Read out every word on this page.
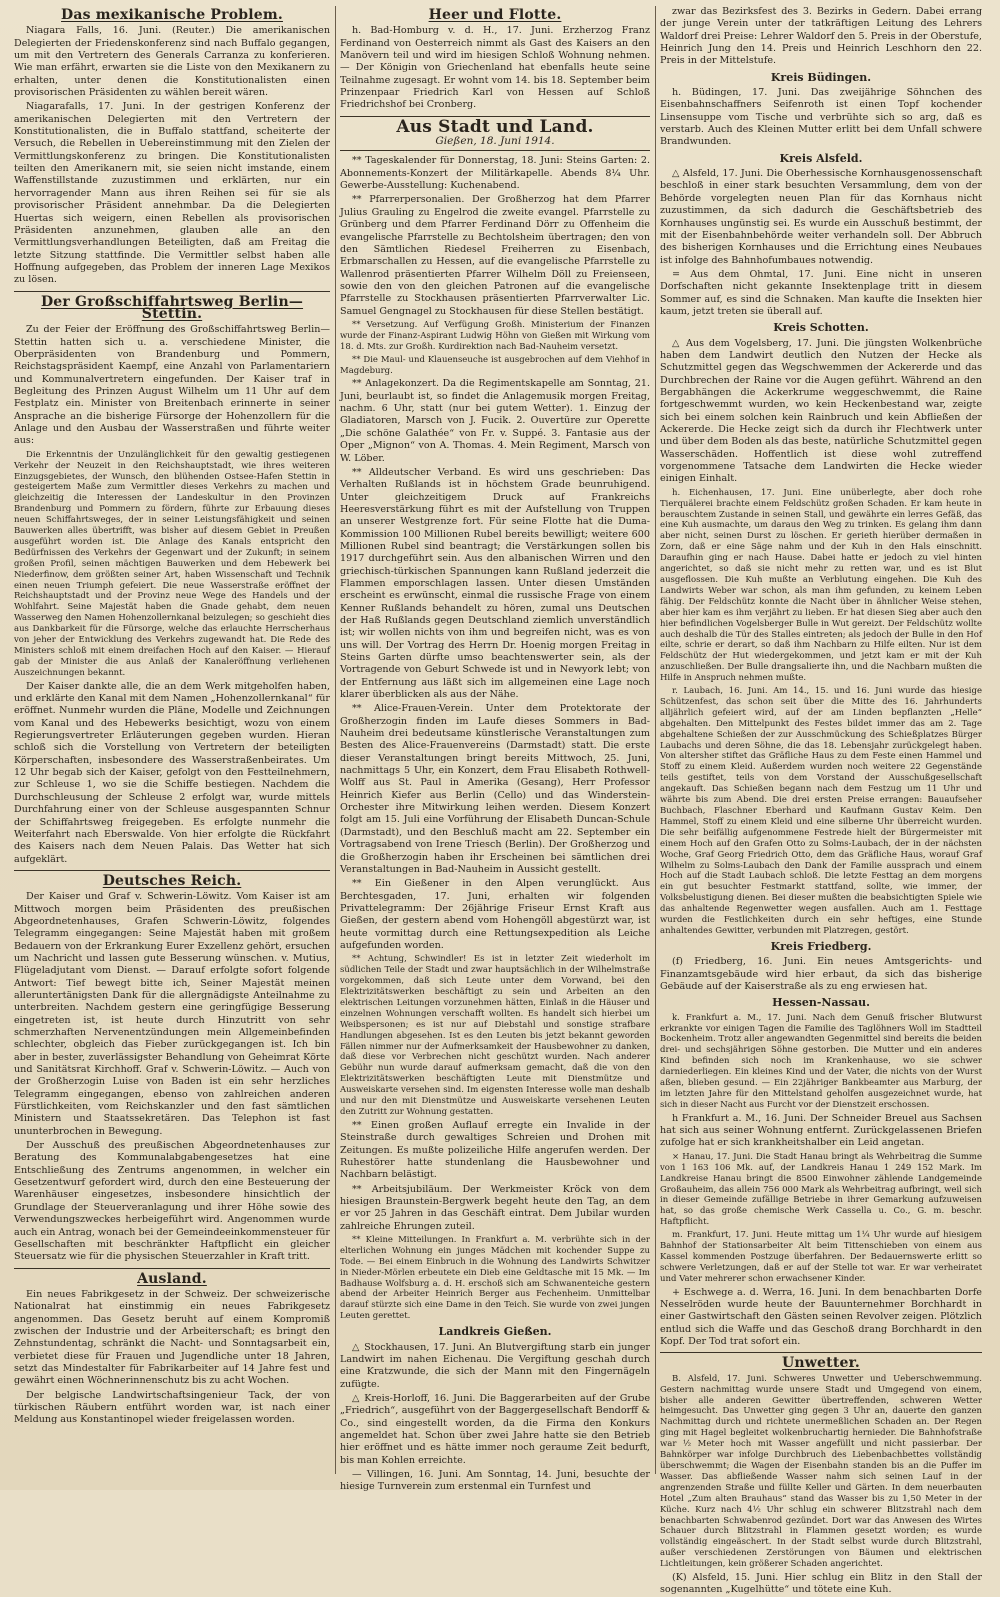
Das mexikanische Problem.

Niagara Falls, 16. Juni. (Reuter.) Die amerikanischen Delegierten der Friedenskonferenz sind nach Buffalo gegangen, um mit den Vertretern des Generals Carranza zu konferieren. Wie man erfährt, erwarten sie die Liste von den Mexikanern zu erhalten, unter denen die Konstitutionalisten einen provisorischen Präsidenten zu wählen bereit wären.

Niagarafalls, 17. Juni. In der gestrigen Konferenz der amerikanischen Delegierten mit den Vertretern der Konstitutionalisten, die in Buffalo stattfand, scheiterte der Versuch, die Rebellen in Uebereinstimmung mit den Zielen der Vermittlungskonferenz zu bringen. Die Konstitutionalisten teilten den Amerikanern mit, sie seien nicht imstande, einem Waffenstillstande zuzustimmen und erklärten, nur ein hervorragender Mann aus ihren Reihen sei für sie als provisorischer Präsident annehmbar. Da die Delegierten Huertas sich weigern, einen Rebellen als provisorischen Präsidenten anzunehmen, glauben alle an den Vermittlungsverhandlungen Beteiligten, daß am Freitag die letzte Sitzung stattfinde. Die Vermittler selbst haben alle Hoffnung aufgegeben, das Problem der inneren Lage Mexikos zu lösen.

Der Großschiffahrtsweg Berlin—Stettin.

Zu der Feier der Eröffnung des Großschiffahrtsweg Berlin—Stettin hatten sich u. a. verschiedene Minister, die Oberpräsidenten von Brandenburg und Pommern, Reichstagspräsident Kaempf, eine Anzahl von Parlamentariern und Kommunalvertretern eingefunden. Der Kaiser traf in Begleitung des Prinzen August Wilhelm um 11 Uhr auf dem Festplatz ein. Minister von Breitenbach erinnerte in seiner Ansprache an die bisherige Fürsorge der Hohenzollern für die Anlage und den Ausbau der Wasserstraßen und führte weiter aus:

Die Erkenntnis der Unzulänglichkeit für den gewaltig gestiegenen Verkehr der Neuzeit in den Reichshauptstadt, wie ihres weiteren Einzugsgebietes, der Wunsch, den blühenden Ostsee-Hafen Stettin in gesteigertem Maße zum Vermittler dieses Verkehrs zu machen und gleichzeitig die Interessen der Landeskultur in den Provinzen Brandenburg und Pommern zu fördern, führte zur Erbauung dieses neuen Schiffahrtsweges, der in seiner Leistungsfähigkeit und seinen Bauwerken alles übertrifft, was bisher auf diesem Gebiet in Preußen ausgeführt worden ist. Die Anlage des Kanals entspricht den Bedürfnissen des Verkehrs der Gegenwart und der Zukunft; in seinem großen Profil, seinen mächtigen Bauwerken und dem Hebewerk bei Niederfinow, dem größten seiner Art, haben Wissenschaft und Technik einen neuen Triumph gefeiert. Die neue Wasserstraße eröffnet der Reichshauptstadt und der Provinz neue Wege des Handels und der Wohlfahrt. Seine Majestät haben die Gnade gehabt, dem neuen Wasserweg den Namen Hohenzollernkanal beizulegen; so geschieht dies aus Dankbarkeit für die Fürsorge, welche das erlauchte Herrscherhaus von jeher der Entwicklung des Verkehrs zugewandt hat. Die Rede des Ministers schloß mit einem dreifachen Hoch auf den Kaiser. — Hierauf gab der Minister die aus Anlaß der Kanaleröffnung verliehenen Auszeichnungen bekannt.

Der Kaiser dankte alle, die an dem Werk mitgeholfen haben, und erklärte den Kanal mit dem Namen „Hohenzollernkanal“ für eröffnet. Nunmehr wurden die Pläne, Modelle und Zeichnungen vom Kanal und des Hebewerks besichtigt, wozu von einem Regierungsvertreter Erläuterungen gegeben wurden. Hieran schloß sich die Vorstellung von Vertretern der beteiligten Körperschaften, insbesondere des Wasserstraßenbeirates. Um 12 Uhr begab sich der Kaiser, gefolgt von den Festteilnehmern, zur Schleuse 1, wo sie die Schiffe bestiegen. Nachdem die Durchschleusung der Schleuse 2 erfolgt war, wurde mittels Durchfahrung einer von der Schleuse ausgespannten Schnur der Schiffahrtsweg freigegeben. Es erfolgte nunmehr die Weiterfahrt nach Eberswalde. Von hier erfolgte die Rückfahrt des Kaisers nach dem Neuen Palais. Das Wetter hat sich aufgeklärt.

Deutsches Reich.

Der Kaiser und Graf v. Schwerin-Löwitz. Vom Kaiser ist am Mittwoch morgen beim Präsidenten des preußischen Abgeordnetenhauses, Grafen Schwerin-Löwitz, folgendes Telegramm eingegangen: Seine Majestät haben mit großem Bedauern von der Erkrankung Eurer Exzellenz gehört, ersuchen um Nachricht und lassen gute Besserung wünschen. v. Mutius, Flügeladjutant vom Dienst. — Darauf erfolgte sofort folgende Antwort: Tief bewegt bitte ich, Seiner Majestät meinen alleruntertänigsten Dank für die allergnädigste Anteilnahme zu unterbreiten. Nachdem gestern eine geringfügige Besserung eingetreten ist, ist heute durch Hinzutritt von sehr schmerzhaften Nervenentzündungen mein Allgemeinbefinden schlechter, obgleich das Fieber zurückgegangen ist. Ich bin aber in bester, zuverlässigster Behandlung von Geheimrat Körte und Sanitätsrat Kirchhoff. Graf v. Schwerin-Löwitz. — Auch von der Großherzogin Luise von Baden ist ein sehr herzliches Telegramm eingegangen, ebenso von zahlreichen anderen Fürstlichkeiten, vom Reichskanzler und den fast sämtlichen Ministern und Staatssekretären. Das Telephon ist fast ununterbrochen in Bewegung.

Der Ausschuß des preußischen Abgeordnetenhauses zur Beratung des Kommunalabgabengesetzes hat eine Entschließung des Zentrums angenommen, in welcher ein Gesetzentwurf gefordert wird, durch den eine Besteuerung der Warenhäuser eingesetzes, insbesondere hinsichtlich der Grundlage der Steuerveranlagung und ihrer Höhe sowie des Verwendungszweckes herbeigeführt wird. Angenommen wurde auch ein Antrag, wonach bei der Gemeindeeinkommensteuer für Gesellschaften mit beschränkter Haftpflicht ein gleicher Steuersatz wie für die physischen Steuerzahler in Kraft tritt.

Ausland.

Ein neues Fabrikgesetz in der Schweiz. Der schweizerische Nationalrat hat einstimmig ein neues Fabrikgesetz angenommen. Das Gesetz beruht auf einem Kompromiß zwischen der Industrie und der Arbeiterschaft; es bringt den Zehnstundentag, schränkt die Nacht- und Sonntagsarbeit ein, verbietet diese für Frauen und Jugendliche unter 18 Jahren, setzt das Mindestalter für Fabrikarbeiter auf 14 Jahre fest und gewährt einen Wöchnerinnenschutz bis zu acht Wochen.

Der belgische Landwirtschaftsingenieur Tack, der von türkischen Räubern entführt worden war, ist nach einer Meldung aus Konstantinopel wieder freigelassen worden.

Heer und Flotte.

h. Bad-Homburg v. d. H., 17. Juni. Erzherzog Franz Ferdinand von Oesterreich nimmt als Gast des Kaisers an den Manövern teil und wird im hiesigen Schloß Wohnung nehmen. — Der Königin von Griechenland hat ebenfalls heute seine Teilnahme zugesagt. Er wohnt vom 14. bis 18. September beim Prinzenpaar Friedrich Karl von Hessen auf Schloß Friedrichshof bei Cronberg.

Aus Stadt und Land.
Gießen, 18. Juni 1914.

** Tageskalender für Donnerstag, 18. Juni: Steins Garten: 2. Abonnements-Konzert der Militärkapelle. Abends 8¼ Uhr. Gewerbe-Ausstellung: Kuchenabend.

** Pfarrerpersonalien. Der Großherzog hat dem Pfarrer Julius Grauling zu Engelrod die zweite evangel. Pfarrstelle zu Grünberg und dem Pfarrer Ferdinand Dörr zu Offenheim die evangelische Pfarrstelle zu Bechtolsheim übertragen; den von den Sämtlichen Riedesel Freiherren zu Eisenbach, Erbmarschallen zu Hessen, auf die evangelische Pfarrstelle zu Wallenrod präsentierten Pfarrer Wilhelm Döll zu Freienseen, sowie den von den gleichen Patronen auf die evangelische Pfarrstelle zu Stockhausen präsentierten Pfarrverwalter Lic. Samuel Gengnagel zu Stockhausen für diese Stellen bestätigt.

** Versetzung. Auf Verfügung Großh. Ministerium der Finanzen wurde der Finanz-Aspirant Ludwig Höhn von Gießen mit Wirkung vom 18. d. Mts. zur Großh. Kurdirektion nach Bad-Nauheim versetzt.

** Die Maul- und Klauenseuche ist ausgebrochen auf dem Viehhof in Magdeburg.

** Anlagekonzert. Da die Regimentskapelle am Sonntag, 21. Juni, beurlaubt ist, so findet die Anlagemusik morgen Freitag, nachm. 6 Uhr, statt (nur bei gutem Wetter). 1. Einzug der Gladiatoren, Marsch von J. Fucik. 2. Ouvertüre zur Operette „Die schöne Galathée“ von Fr. v. Suppé. 3. Fantasie aus der Oper „Mignon“ von A. Thomas. 4. Mein Regiment, Marsch von W. Löber.

** Alldeutscher Verband. Es wird uns geschrieben: Das Verhalten Rußlands ist in höchstem Grade beunruhigend. Unter gleichzeitigem Druck auf Frankreichs Heeresverstärkung führt es mit der Aufstellung von Truppen an unserer Westgrenze fort. Für seine Flotte hat die Duma-Kommission 100 Millionen Rubel bereits bewilligt; weitere 600 Millionen Rubel sind beantragt; die Verstärkungen sollen bis 1917 durchgeführt sein. Aus den albanischen Wirren und den griechisch-türkischen Spannungen kann Rußland jederzeit die Flammen emporschlagen lassen. Unter diesen Umständen erscheint es erwünscht, einmal die russische Frage von einem Kenner Rußlands behandelt zu hören, zumal uns Deutschen der Haß Rußlands gegen Deutschland ziemlich unverständlich ist; wir wollen nichts von ihm und begreifen nicht, was es von uns will. Der Vortrag des Herrn Dr. Hoenig morgen Freitag in Steins Garten dürfte umso beachtenswerter sein, als der Vortragende von Geburt Schwede ist und in Newyork lebt; von der Entfernung aus läßt sich im allgemeinen eine Lage noch klarer überblicken als aus der Nähe.

** Alice-Frauen-Verein. Unter dem Protektorate der Großherzogin finden im Laufe dieses Sommers in Bad-Nauheim drei bedeutsame künstlerische Veranstaltungen zum Besten des Alice-Frauenvereins (Darmstadt) statt. Die erste dieser Veranstaltungen bringt bereits Mittwoch, 25. Juni, nachmittags 5 Uhr, ein Konzert, dem Frau Elisabeth Rothwell-Wolff aus St. Paul in Amerika (Gesang), Herr Professor Heinrich Kiefer aus Berlin (Cello) und das Winderstein-Orchester ihre Mitwirkung leihen werden. Diesem Konzert folgt am 15. Juli eine Vorführung der Elisabeth Duncan-Schule (Darmstadt), und den Beschluß macht am 22. September ein Vortragsabend von Irene Triesch (Berlin). Der Großherzog und die Großherzogin haben ihr Erscheinen bei sämtlichen drei Veranstaltungen in Bad-Nauheim in Aussicht gestellt.

** Ein Gießener in den Alpen verunglückt. Aus Berchtesgaden, 17. Juni, erhalten wir folgenden Privattelegramm: Der 26jährige Friseur Ernst Kraft aus Gießen, der gestern abend vom Hohengöll abgestürzt war, ist heute vormittag durch eine Rettungsexpedition als Leiche aufgefunden worden.

** Achtung, Schwindler! Es ist in letzter Zeit wiederholt im südlichen Teile der Stadt und zwar hauptsächlich in der Wilhelmstraße vorgekommen, daß sich Leute unter dem Vorwand, bei den Elektrizitätswerken beschäftigt zu sein und Arbeiten an den elektrischen Leitungen vorzunehmen hätten, Einlaß in die Häuser und einzelnen Wohnungen verschafft wollten. Es handelt sich hierbei um Weibspersonen; es ist nur auf Diebstahl und sonstige strafbare Handlungen abgesehen. Ist es den Leuten bis jetzt bekannt geworden Fällen nimmer nur der Aufmerksamkeit der Hausbewohner zu danken, daß diese vor Verbrechen nicht geschützt wurden. Nach anderer Gebühr nun wurde darauf aufmerksam gemacht, daß die von den Elektrizitätswerken beschäftigten Leute mit Dienstmütze und Ausweiskarte versehen sind. Im eigensten Interesse wolle man deshalb und nur den mit Dienstmütze und Ausweiskarte versehenen Leuten den Zutritt zur Wohnung gestatten.

** Einen großen Auflauf erregte ein Invalide in der Steinstraße durch gewaltiges Schreien und Drohen mit Zeitungen. Es mußte polizeiliche Hilfe angerufen werden. Der Ruhestörer hatte stundenlang die Hausbewohner und Nachbarn belästigt.

** Arbeitsjubiläum. Der Werkmeister Kröck von dem hiesigen Braunstein-Bergwerk begeht heute den Tag, an dem er vor 25 Jahren in das Geschäft eintrat. Dem Jubilar wurden zahlreiche Ehrungen zuteil.

** Kleine Mitteilungen. In Frankfurt a. M. verbrühte sich in der elterlichen Wohnung ein junges Mädchen mit kochender Suppe zu Tode. — Bei einem Einbruch in die Wohnung des Landwirts Schwitzer in Nieder-Mörlen erbeutete ein Dieb eine Geldtasche mit 15 Mk. — Im Badhause Wolfsburg a. d. H. erschoß sich am Schwanenteiche gestern abend der Arbeiter Heinrich Berger aus Fechenheim. Unmittelbar darauf stürzte sich eine Dame in den Teich. Sie wurde von zwei jungen Leuten gerettet.

Landkreis Gießen.

△ Stockhausen, 17. Juni. An Blutvergiftung starb ein junger Landwirt im nahen Eichenau. Die Vergiftung geschah durch eine Kratzwunde, die sich der Mann mit den Fingernägeln zufügte.

△ Kreis-Horloff, 16. Juni. Die Baggerarbeiten auf der Grube „Friedrich“, ausgeführt von der Baggergesellschaft Bendorff & Co., sind eingestellt worden, da die Firma den Konkurs angemeldet hat. Schon über zwei Jahre hatte sie den Betrieb hier eröffnet und es hätte immer noch geraume Zeit bedurft, bis man Kohlen erreichte.

— Villingen, 16. Juni. Am Sonntag, 14. Juni, besuchte der hiesige Turnverein zum erstenmal ein Turnfest und

zwar das Bezirksfest des 3. Bezirks in Gedern. Dabei errang der junge Verein unter der tatkräftigen Leitung des Lehrers Waldorf drei Preise: Lehrer Waldorf den 5. Preis in der Oberstufe, Heinrich Jung den 14. Preis und Heinrich Leschhorn den 22. Preis in der Mittelstufe.

Kreis Büdingen.

h. Büdingen, 17. Juni. Das zweijährige Söhnchen des Eisenbahnschaffners Seifenroth ist einen Topf kochender Linsensuppe vom Tische und verbrühte sich so arg, daß es verstarb. Auch des Kleinen Mutter erlitt bei dem Unfall schwere Brandwunden.

Kreis Alsfeld.

△ Alsfeld, 17. Juni. Die Oberhessische Kornhausgenossenschaft beschloß in einer stark besuchten Versammlung, dem von der Behörde vorgelegten neuen Plan für das Kornhaus nicht zuzustimmen, da sich dadurch die Geschäftsbetrieb des Kornhauses ungünstig sei. Es wurde ein Ausschuß bestimmt, der mit der Eisenbahnbehörde weiter verhandeln soll. Der Abbruch des bisherigen Kornhauses und die Errichtung eines Neubaues ist infolge des Bahnhofumbaues notwendig.

= Aus dem Ohmtal, 17. Juni. Eine nicht in unseren Dorfschaften nicht gekannte Insektenplage tritt in diesem Sommer auf, es sind die Schnaken. Man kaufte die Insekten hier kaum, jetzt treten sie überall auf.

Kreis Schotten.

△ Aus dem Vogelsberg, 17. Juni. Die jüngsten Wolkenbrüche haben dem Landwirt deutlich den Nutzen der Hecke als Schutzmittel gegen das Wegschwemmen der Ackererde und das Durchbrechen der Raine vor die Augen geführt. Während an den Bergabhängen die Ackerkrume weggeschwemmt, die Raine fortgeschwemmt wurden, wo kein Heckenbestand war, zeigte sich bei einem solchen kein Rainbruch und kein Abfließen der Ackererde. Die Hecke zeigt sich da durch ihr Flechtwerk unter und über dem Boden als das beste, natürliche Schutzmittel gegen Wasserschäden. Hoffentlich ist diese wohl zutreffend vorgenommene Tatsache dem Landwirten die Hecke wieder einigen Einhalt.

h. Eichenhausen, 17. Juni. Eine unüberlegte, aber doch rohe Tierquälerei brachte einem Feldschütz großen Schaden. Er kam heute in berauschtem Zustande in seinen Stall, und gewährte ein lerres Gefäß, das eine Kuh ausmachte, um daraus den Weg zu trinken. Es gelang ihm dann aber nicht, seinen Durst zu löschen. Er gerieth hierüber dermaßen in Zorn, daß er eine Säge nahm und der Kuh in den Hals einschnitt. Daraufhin ging er nach Hause. Dabei hatte er jedoch zu viel hinten angerichtet, so daß sie nicht mehr zu retten war, und es ist Blut ausgeflossen. Die Kuh mußte an Verblutung eingehen. Die Kuh des Landwirts Weber war schon, als man ihm gefunden, zu keinem Leben fähig. Der Feldschütz konnte die Nacht über in ähnlicher Weise stehen, aber hier kam es ihm verjährt zu lieben. Er hat diesen Sieg aber auch den hier befindlichen Vogelsberger Bulle in Wut gereizt. Der Feldschütz wollte auch deshalb die Tür des Stalles eintreten; als jedoch der Bulle in den Hof eilte, schrie er derart, so daß ihm Nachbarn zu Hilfe eilten. Nur ist dem Feldschütz der Hut wiedergekommen, und jetzt kam er mit der Kuh anzuschließen. Der Bulle drangsalierte ihn, und die Nachbarn mußten die Hilfe in Anspruch nehmen mußte.

r. Laubach, 16. Juni. Am 14., 15. und 16. Juni wurde das hiesige Schützenfest, das schon seit über die Mitte des 16. Jahrhunderts alljährlich gefeiert wird, auf der am Linden bepflanzten „Helle“ abgehalten. Den Mittelpunkt des Festes bildet immer das am 2. Tage abgehaltene Schießen der zur Ausschmückung des Schießplatzes Bürger Laubachs und deren Söhne, die das 18. Lebensjahr zurückgelegt haben. Von altersher stiftet das Gräfliche Haus zu dem Feste einen Hammel und Stoff zu einem Kleid. Außerdem wurden noch weitere 22 Gegenstände teils gestiftet, teils von dem Vorstand der Ausschußgesellschaft angekauft. Das Schießen begann nach dem Festzug um 11 Uhr und währte bis zum Abend. Die drei ersten Preise errangen: Bauaufseher Buchbach, Flaschner Eberhard und Kaufmann Gustav Keim. Den Hammel, Stoff zu einem Kleid und eine silberne Uhr überreicht wurden. Die sehr beifällig aufgenommene Festrede hielt der Bürgermeister mit einem Hoch auf den Grafen Otto zu Solms-Laubach, der in der nächsten Woche, Graf Georg Friedrich Otto, dem das Gräfliche Haus, worauf Graf Wilhelm zu Solms-Laubach den Dank der Familie aussprach und einem Hoch auf die Stadt Laubach schloß. Die letzte Festtag an dem morgens ein gut besuchter Festmarkt stattfand, sollte, wie immer, der Volksbelustigung dienen. Bei dieser mußten die beabsichtigten Spiele wie das anhaltende Regenwetter wegen ausfallen. Auch am 1. Festtage wurden die Festlichkeiten durch ein sehr heftiges, eine Stunde anhaltendes Gewitter, verbunden mit Platzregen, gestört.

Kreis Friedberg.

(f) Friedberg, 16. Juni. Ein neues Amtsgerichts- und Finanzamtsgebäude wird hier erbaut, da sich das bisherige Gebäude auf der Kaiserstraße als zu eng erwiesen hat.

Hessen-Nassau.

k. Frankfurt a. M., 17. Juni. Nach dem Genuß frischer Blutwurst erkrankte vor einigen Tagen die Familie des Taglöhners Woll im Stadtteil Bockenheim. Trotz aller angewandten Gegenmittel sind bereits die beiden drei- und sechsjährigen Söhne gestorben. Die Mutter und ein anderes Kind befinden sich noch im Krankenhause, wo sie schwer darniederliegen. Ein kleines Kind und der Vater, die nichts von der Wurst aßen, blieben gesund. — Ein 22jähriger Bankbeamter aus Marburg, der im letzten Jahre für den Mittelstand geholfen ausgezeichnet wurde, hat sich in dieser Nacht aus Furcht vor der Dienstzeit erschossen.

h Frankfurt a. M., 16. Juni. Der Schneider Breuel aus Sachsen hat sich aus seiner Wohnung entfernt. Zurückgelassenen Briefen zufolge hat er sich krankheitshalber ein Leid angetan.

× Hanau, 17. Juni. Die Stadt Hanau bringt als Wehrbeitrag die Summe von 1 163 106 Mk. auf, der Landkreis Hanau 1 249 152 Mark. Im Landkreise Hanau bringt die 8500 Einwohner zählende Landgemeinde Großauheim, das allein 756 000 Mark als Wehrbeitrag aufbringt, weil sich in dieser Gemeinde zufällige Betriebe in ihrer Gemarkung aufzuweisen hat, so das große chemische Werk Cassella u. Co., G. m. beschr. Haftpflicht.

m. Frankfurt, 17. Juni. Heute mittag um 1¼ Uhr wurde auf hiesigem Bahnhof der Stationsarbeiter Alt beim Tittenschieben von einem aus Kassel kommenden Postzuge überfahren. Der Bedauernswerte erlitt so schwere Verletzungen, daß er auf der Stelle tot war. Er war verheiratet und Vater mehrerer schon erwachsener Kinder.

+ Eschwege a. d. Werra, 16. Juni. In dem benachbarten Dorfe Nesselröden wurde heute der Bauunternehmer Borchhardt in einer Gastwirtschaft den Gästen seinen Revolver zeigen. Plötzlich entlud sich die Waffe und das Geschoß drang Borchhardt in den Kopf. Der Tod trat sofort ein.

Unwetter.

B. Alsfeld, 17. Juni. Schweres Unwetter und Ueberschwemmung. Gestern nachmittag wurde unsere Stadt und Umgegend von einem, bisher alle anderen Gewitter übertreffenden, schweren Wetter heimgesucht. Das Unwetter ging gegen 3 Uhr an, dauerte den ganzen Nachmittag durch und richtete unermeßlichen Schaden an. Der Regen ging mit Hagel begleitet wolkenbruchartig hernieder. Die Bahnhofstraße war ½ Meter hoch mit Wasser angefüllt und nicht passierbar. Der Bahnkörper war infolge Durchbruch des Liebenbachbettes vollständig überschwemmt; die Wagen der Eisenbahn standen bis an die Puffer im Wasser. Das abfließende Wasser nahm sich seinen Lauf in der angrenzenden Straße und füllte Keller und Gärten. In dem neuerbauten Hotel „Zum alten Brauhaus“ stand das Wasser bis zu 1,50 Meter in der Küche. Kurz nach 4½ Uhr schlug ein schwerer Blitzstrahl nach dem benachbarten Schwabenrod gezündet. Dort war das Anwesen des Wirtes Schauer durch Blitzstrahl in Flammen gesetzt worden; es wurde vollständig eingeäschert. In der Stadt selbst wurde durch Blitzstrahl, außer verschiedenen Zerstörungen von Bäumen und elektrischen Lichtleitungen, kein größerer Schaden angerichtet.

(K) Alsfeld, 15. Juni. Hier schlug ein Blitz in den Stall der sogenannten „Kugelhütte“ und tötete eine Kuh.
